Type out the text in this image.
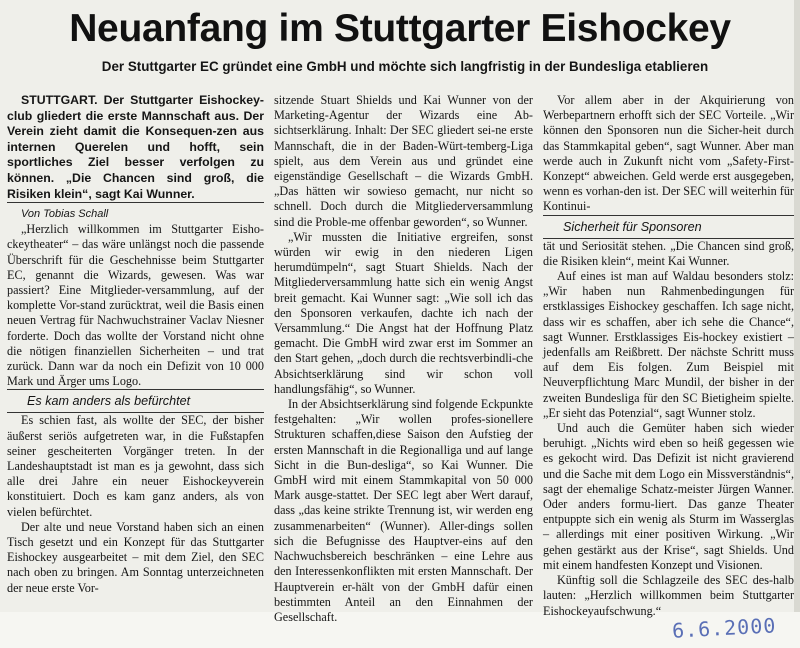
Neuanfang im Stuttgarter Eishockey
Der Stuttgarter EC gründet eine GmbH und möchte sich langfristig in der Bundesliga etablieren

STUTTGART. Der Stuttgarter Eishockey-club gliedert die erste Mannschaft aus. Der Verein zieht damit die Konsequen-zen aus internen Querelen und hofft, sein sportliches Ziel besser verfolgen zu können. „Die Chancen sind groß, die Risiken klein“, sagt Kai Wunner.

Von Tobias Schall

„Herzlich willkommen im Stuttgarter Eisho-ckeytheater“ – das wäre unlängst noch die passende Überschrift für die Geschehnisse beim Stuttgarter EC, genannt die Wizards, gewesen. Was war passiert? Eine Mitglieder-versammlung, auf der komplette Vor-stand zurücktrat, weil die Basis einen neuen Vertrag für Nachwuchstrainer Vaclav Niesner forderte. Doch das wollte der Vorstand nicht ohne die nötigen finanziellen Sicherheiten – und trat zurück. Dann war da noch ein Defizit von 10 000 Mark und Ärger ums Logo.

Es kam anders als befürchtet

Es schien fast, als wollte der SEC, der bisher äußerst seriös aufgetreten war, in die Fußstapfen seiner gescheiterten Vorgänger treten. In der Landeshauptstadt ist man es ja gewohnt, dass sich alle drei Jahre ein neuer Eishockeyverein konstituiert. Doch es kam ganz anders, als von vielen befürchtet.

Der alte und neue Vorstand haben sich an einen Tisch gesetzt und ein Konzept für das Stuttgarter Eishockey ausgearbeitet – mit dem Ziel, den SEC nach oben zu bringen. Am Sonntag unterzeichneten der neue erste Vor-

sitzende Stuart Shields und Kai Wunner von der Marketing-Agentur der Wizards eine Ab-sichtserklärung. Inhalt: Der SEC gliedert sei-ne erste Mannschaft, die in der Baden-Würt-temberg-Liga spielt, aus dem Verein aus und gründet eine eigenständige Gesellschaft – die Wizards GmbH. „Das hätten wir sowieso gemacht, nur nicht so schnell. Doch durch die Mitgliederversammlung sind die Proble-me offenbar geworden“, so Wunner.

„Wir mussten die Initiative ergreifen, sonst würden wir ewig in den niederen Ligen herumdümpeln“, sagt Stuart Shields. Nach der Mitgliederversammlung hatte sich ein wenig Angst breit gemacht. Kai Wunner sagt: „Wie soll ich das den Sponsoren verkaufen, dachte ich nach der Versammlung.“ Die Angst hat der Hoffnung Platz gemacht. Die GmbH wird zwar erst im Sommer an den Start gehen, „doch durch die rechtsverbindli-che Absichtserklärung sind wir schon voll handlungsfähig“, so Wunner.

In der Absichtserklärung sind folgende Eckpunkte festgehalten: „Wir wollen profes-sionellere Strukturen schaffen,diese Saison den Aufstieg der ersten Mannschaft in die Regionalliga und auf lange Sicht in die Bun-desliga“, so Kai Wunner. Die GmbH wird mit einem Stammkapital von 50 000 Mark ausge-stattet. Der SEC legt aber Wert darauf, dass „das keine strikte Trennung ist, wir werden eng zusammenarbeiten“ (Wunner). Aller-dings sollen sich die Befugnisse des Hauptver-eins auf den Nachwuchsbereich beschränken – eine Lehre aus den Interessenkonflikten mit ersten Mannschaft. Der Hauptverein er-hält von der GmbH dafür einen bestimmten Anteil an den Einnahmen der Gesellschaft.

Vor allem aber in der Akquirierung von Werbepartnern erhofft sich der SEC Vorteile. „Wir können den Sponsoren nun die Sicher-heit durch das Stammkapital geben“, sagt Wunner. Aber man werde auch in Zukunft nicht vom „Safety-First-Konzept“ abweichen. Geld werde erst ausgegeben, wenn es vorhan-den ist. Der SEC will weiterhin für Kontinui-

Sicherheit für Sponsoren

tät und Seriosität stehen. „Die Chancen sind groß, die Risiken klein“, meint Kai Wunner.

Auf eines ist man auf Waldau besonders stolz: „Wir haben nun Rahmenbedingungen für erstklassiges Eishockey geschaffen. Ich sage nicht, dass wir es schaffen, aber ich sehe die Chance“, sagt Wunner. Erstklassiges Eis-hockey existiert – jedenfalls am Reißbrett. Der nächste Schritt muss auf dem Eis folgen. Zum Beispiel mit Neuverpflichtung Marc Mundil, der bisher in der zweiten Bundesliga für den SC Bietigheim spielte. „Er sieht das Potenzial“, sagt Wunner stolz.

Und auch die Gemüter haben sich wieder beruhigt. „Nichts wird eben so heiß gegessen wie es gekocht wird. Das Defizit ist nicht gravierend und die Sache mit dem Logo ein Missverständnis“, sagt der ehemalige Schatz-meister Jürgen Wanner. Oder anders formu-liert. Das ganze Theater entpuppte sich ein wenig als Sturm im Wasserglas – allerdings mit einer positiven Wirkung. „Wir gehen gestärkt aus der Krise“, sagt Shields. Und mit einem handfesten Konzept und Visionen.

Künftig soll die Schlagzeile des SEC des-halb lauten: „Herzlich willkommen beim Stuttgarter Eishockeyaufschwung.“

6.6.2000
